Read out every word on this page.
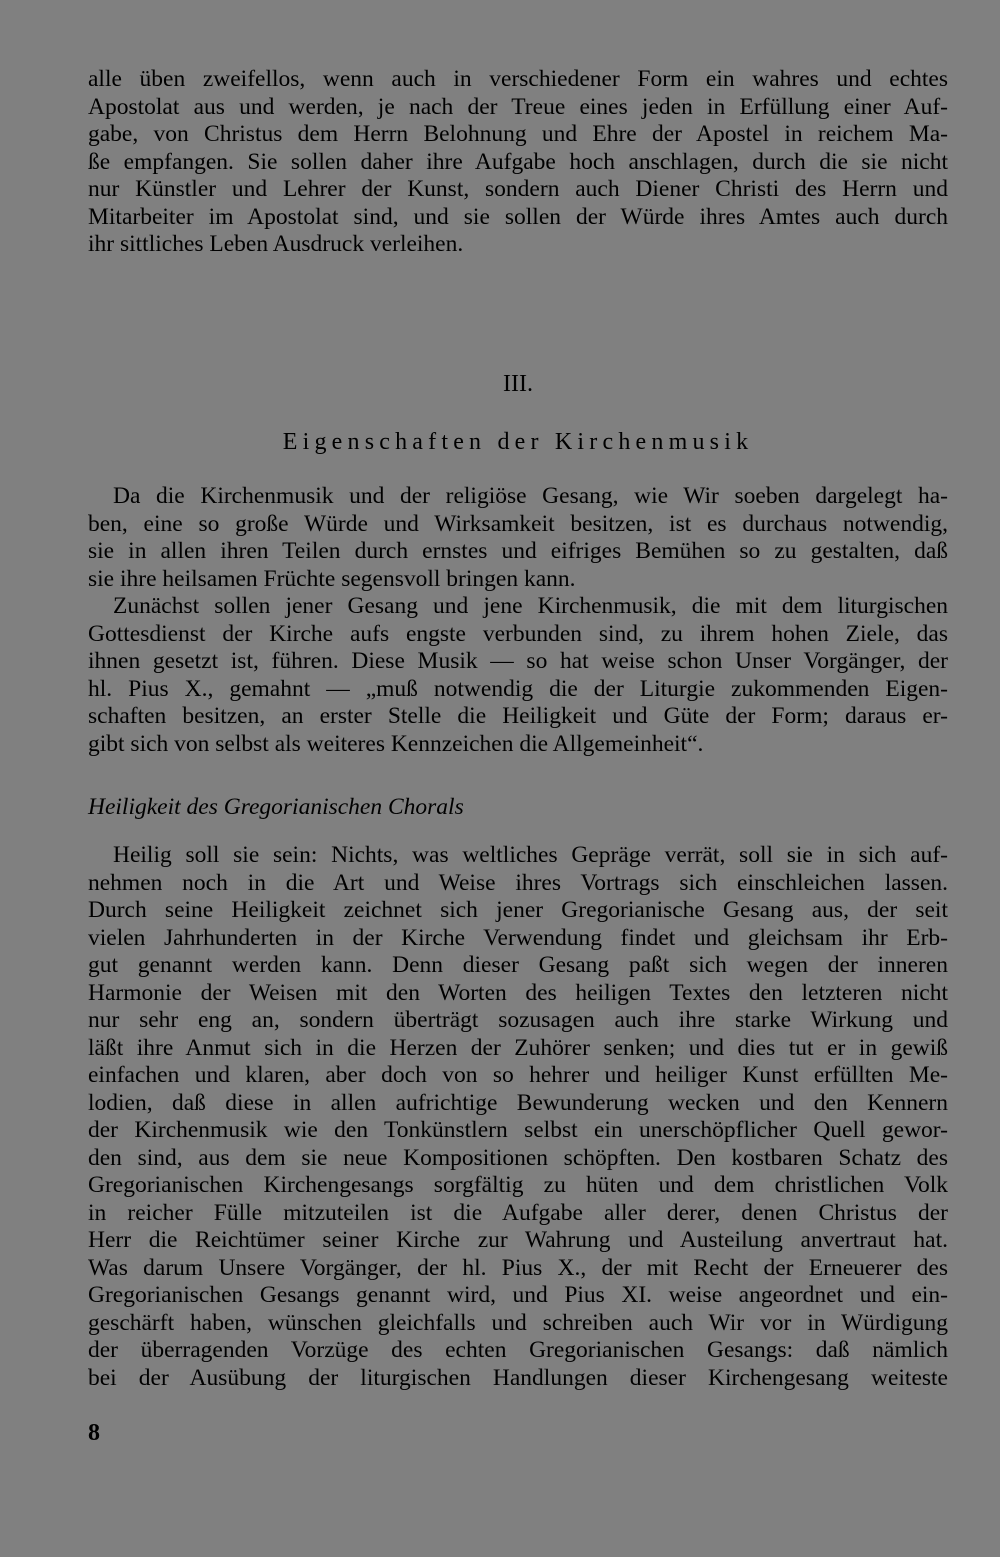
alle üben zweifellos, wenn auch in verschiedener Form ein wahres und echtes
Apostolat aus und werden, je nach der Treue eines jeden in Erfüllung einer Auf-
gabe, von Christus dem Herrn Belohnung und Ehre der Apostel in reichem Ma-
ße empfangen. Sie sollen daher ihre Aufgabe hoch anschlagen, durch die sie nicht
nur Künstler und Lehrer der Kunst, sondern auch Diener Christi des Herrn und
Mitarbeiter im Apostolat sind, und sie sollen der Würde ihres Amtes auch durch
ihr sittliches Leben Ausdruck verleihen.
III.
Eigenschaften der Kirchenmusik
Da die Kirchenmusik und der religiöse Gesang, wie Wir soeben dargelegt ha-
ben, eine so große Würde und Wirksamkeit besitzen, ist es durchaus notwendig,
sie in allen ihren Teilen durch ernstes und eifriges Bemühen so zu gestalten, daß
sie ihre heilsamen Früchte segensvoll bringen kann.
Zunächst sollen jener Gesang und jene Kirchenmusik, die mit dem liturgischen
Gottesdienst der Kirche aufs engste verbunden sind, zu ihrem hohen Ziele, das
ihnen gesetzt ist, führen. Diese Musik — so hat weise schon Unser Vorgänger, der
hl. Pius X., gemahnt — „muß notwendig die der Liturgie zukommenden Eigen-
schaften besitzen, an erster Stelle die Heiligkeit und Güte der Form; daraus er-
gibt sich von selbst als weiteres Kennzeichen die Allgemeinheit“.
Heiligkeit des Gregorianischen Chorals
Heilig soll sie sein: Nichts, was weltliches Gepräge verrät, soll sie in sich auf-
nehmen noch in die Art und Weise ihres Vortrags sich einschleichen lassen.
Durch seine Heiligkeit zeichnet sich jener Gregorianische Gesang aus, der seit
vielen Jahrhunderten in der Kirche Verwendung findet und gleichsam ihr Erb-
gut genannt werden kann. Denn dieser Gesang paßt sich wegen der inneren
Harmonie der Weisen mit den Worten des heiligen Textes den letzteren nicht
nur sehr eng an, sondern überträgt sozusagen auch ihre starke Wirkung und
läßt ihre Anmut sich in die Herzen der Zuhörer senken; und dies tut er in gewiß
einfachen und klaren, aber doch von so hehrer und heiliger Kunst erfüllten Me-
lodien, daß diese in allen aufrichtige Bewunderung wecken und den Kennern
der Kirchenmusik wie den Tonkünstlern selbst ein unerschöpflicher Quell gewor-
den sind, aus dem sie neue Kompositionen schöpften. Den kostbaren Schatz des
Gregorianischen Kirchengesangs sorgfältig zu hüten und dem christlichen Volk
in reicher Fülle mitzuteilen ist die Aufgabe aller derer, denen Christus der
Herr die Reichtümer seiner Kirche zur Wahrung und Austeilung anvertraut hat.
Was darum Unsere Vorgänger, der hl. Pius X., der mit Recht der Erneuerer des
Gregorianischen Gesangs genannt wird, und Pius XI. weise angeordnet und ein-
geschärft haben, wünschen gleichfalls und schreiben auch Wir vor in Würdigung
der überragenden Vorzüge des echten Gregorianischen Gesangs: daß nämlich
bei der Ausübung der liturgischen Handlungen dieser Kirchengesang weiteste
8
